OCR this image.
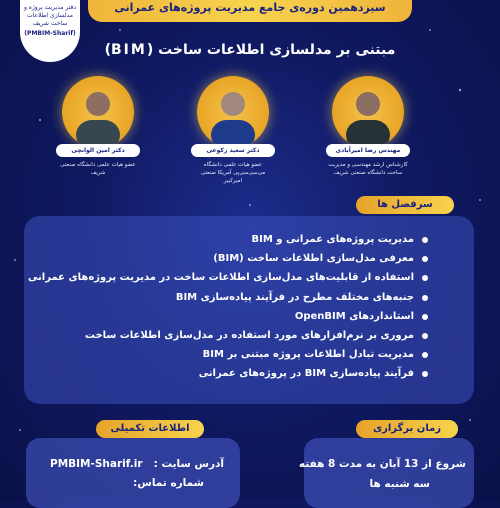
سیزدهمین دوره‌ی جامع مدیریت پروژه‌های عمرانی
دفتر مدیریت پروژه و مدلسازی اطلاعات ساخت شریف
(PMBIM-Sharif)
مبتنی بر مدلسازی اطلاعات ساخت (BIM)
مهندس رضا امیرآبادی
کارشناس ارشد مهندسی و مدیریت ساخت دانشگاه صنعتی شریف
دکتر سعید زکوعی
عضو هیات علمی دانشگاه می‌سی‌سی‌پی آمریکا صنعتی امیرکبیر
دکتر امین الوانچی
عضو هیات علمی دانشگاه صنعتی شریف
سرفصل ها
مدیریت پروژه‌های عمرانی و BIM
معرفی مدل‌سازی اطلاعات ساخت (BIM)
استفاده از قابلیت‌های مدل‌سازی اطلاعات ساخت در مدیریت پروژه‌های عمرانی
جنبه‌های مختلف مطرح در فرآیند پیاده‌سازی BIM
استانداردهای OpenBIM
مروری بر نرم‌افزارهای مورد استفاده در مدل‌سازی اطلاعات ساخت
مدیریت تبادل اطلاعات پروژه مبتنی بر BIM
فرآیند پیاده‌سازی BIM در پروژه‌های عمرانی
زمان برگزاری
شروع از 13 آبان به مدت 8 هفته
سه شنبه ها
اطلاعات تکمیلی
آدرس سایت :
PMBIM-Sharif.ir
شماره تماس:
